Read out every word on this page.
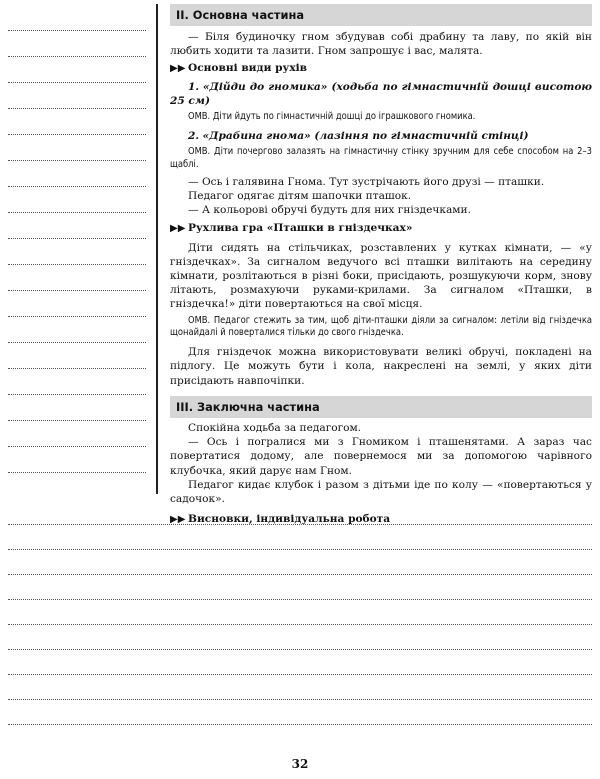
II. Основна частина

— Біля будиночку гном збудував собі драбину та лаву, по якій він любить ходити та лазити. Гном запрошує і вас, малята.

▶▶ Основні види рухів

1. «Дійди до гномика» (ходьба по гімнастичній дошці висотою 25 см)

ОМВ. Діти йдуть по гімнастичній дошці до іграшкового гномика.

2. «Драбина гнома» (лазіння по гімнастичній стінці)

ОМВ. Діти почергово залазять на гімнастичну стінку зручним для себе способом на 2–3 щаблі.

— Ось і галявина Гнома. Тут зустрічають його друзі — пташки.

Педагог одягає дітям шапочки пташок.

— А кольорові обручі будуть для них гніздечками.

▶▶ Рухлива гра «Пташки в гніздечках»

Діти сидять на стільчиках, розставлених у кутках кімнати, — «у гніздечках». За сигналом ведучого всі пташки вилітають на середину кімнати, розлітаються в різні боки, присідають, розшукуючи корм, знову літають, розмахуючи руками-крилами. За сигналом «Пташки, в гніздечка!» діти повертаються на свої місця.

ОМВ. Педагог стежить за тим, щоб діти-пташки діяли за сигналом: летіли від гніздечка щонайдалі й поверталися тільки до свого гніздечка.

Для гніздечок можна використовувати великі обручі, покладені на підлогу. Це можуть бути і кола, накреслені на землі, у яких діти присідають навпочіпки.

III. Заключна частина

Спокійна ходьба за педагогом.

— Ось і погралися ми з Гномиком і пташенятами. А зараз час повертатися додому, але повернемося ми за допомогою чарівного клубочка, який дарує нам Гном.

Педагог кидає клубок і разом з дітьми іде по колу — «повертаються у садочок».

▶▶ Висновки, індивідуальна робота
32
